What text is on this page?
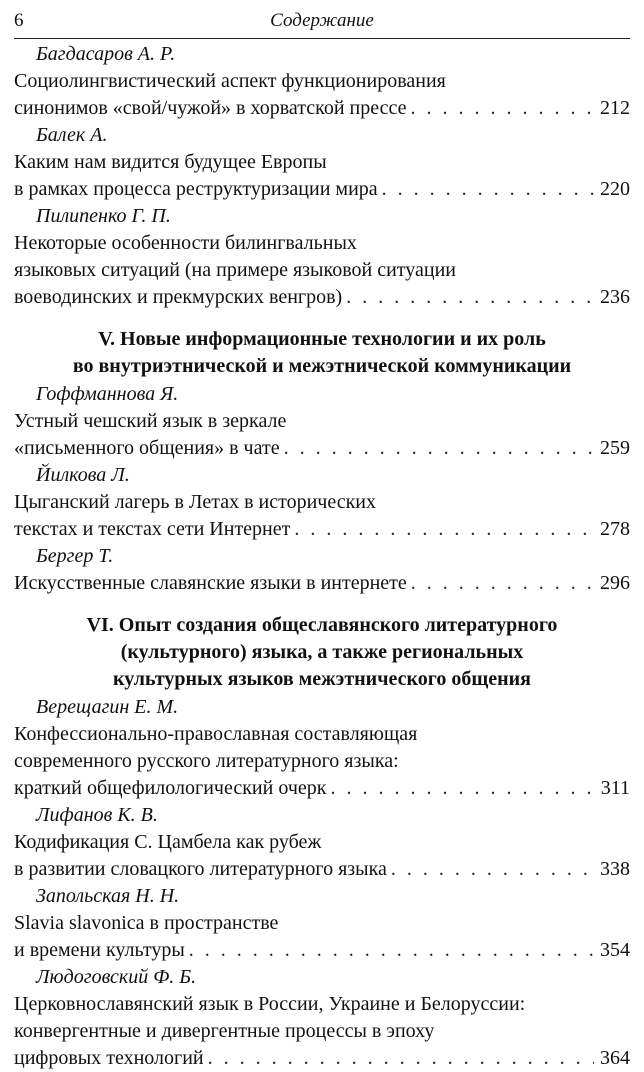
6	Содержание
Багдасаров А. Р.
Социолингвистический аспект функционирования
синонимов «свой/чужой» в хорватской прессе . . .	212
Балек А.
Каким нам видится будущее Европы
в рамках процесса реструктуризации мира . . .	220
Пилипенко Г. П.
Некоторые особенности билингвальных
языковых ситуаций (на примере языковой ситуации
воеводинских и прекмурских венгров) . . .	236
V. Новые информационные технологии и их роль
во внутриэтнической и межэтнической коммуникации
Гоффманнова Я.
Устный чешский язык в зеркале
«письменного общения» в чате . . .	259
Йилкова Л.
Цыганский лагерь в Летах в исторических
текстах и текстах сети Интернет . . .	278
Бергер Т.
Искусственные славянские языки в интернете . . .	296
VI. Опыт создания общеславянского литературного
(культурного) языка, а также региональных
культурных языков межэтнического общения
Верещагин Е. М.
Конфессионально-православная составляющая
современного русского литературного языка:
краткий общефилологический очерк . . .	311
Лифанов К. В.
Кодификация С. Цамбела как рубеж
в развитии словацкого литературного языка . . .	338
Запольская Н. Н.
Slavia slavonica в пространстве
и времени культуры . . .	354
Людоговский Ф. Б.
Церковнославянский язык в России, Украине и Белоруссии:
конвергентные и дивергентные процессы в эпоху
цифровых технологий . . .	364
